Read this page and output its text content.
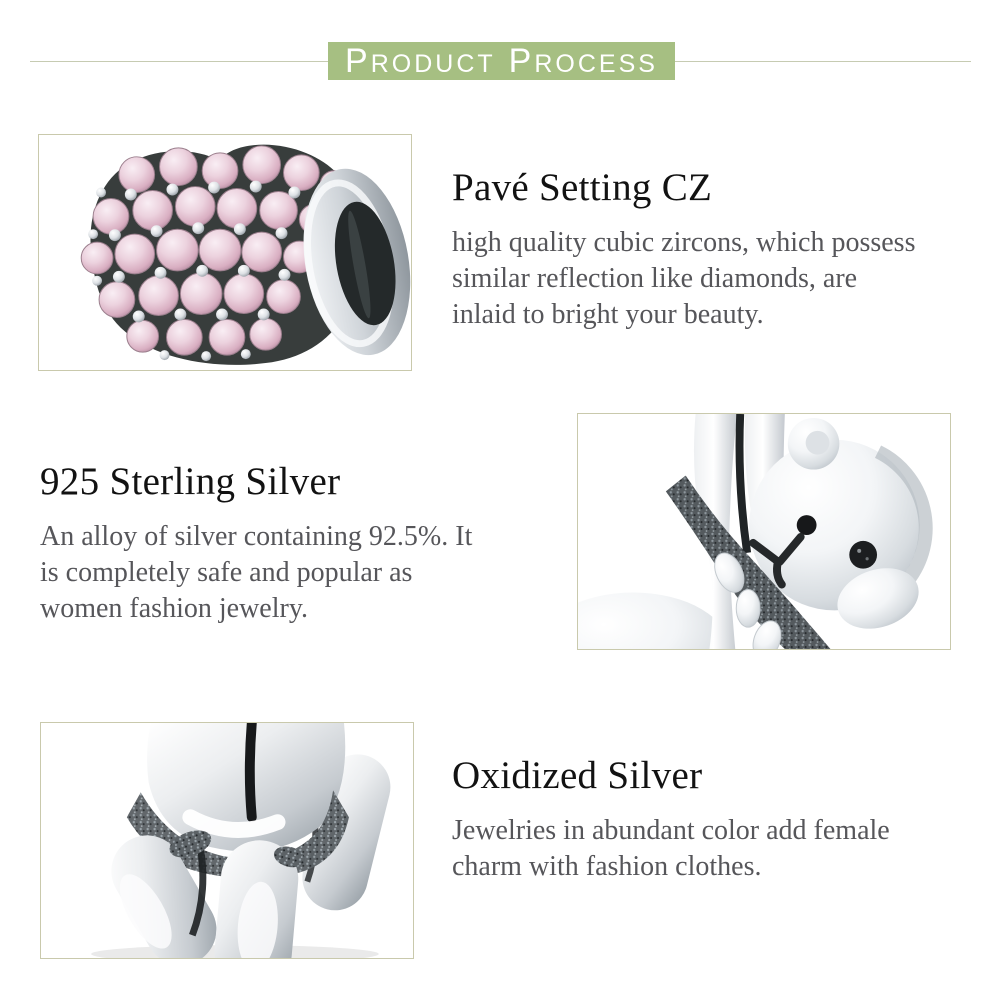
PRODUCT PROCESS
Pavé Setting CZ

high quality cubic zircons, which possess
similar reflection like diamonds, are
inlaid to bright your beauty.

925 Sterling Silver

An alloy of silver containing 92.5%. It
is completely safe and popular as
women fashion jewelry.

Oxidized Silver

Jewelries in abundant color add female
charm with fashion clothes.
